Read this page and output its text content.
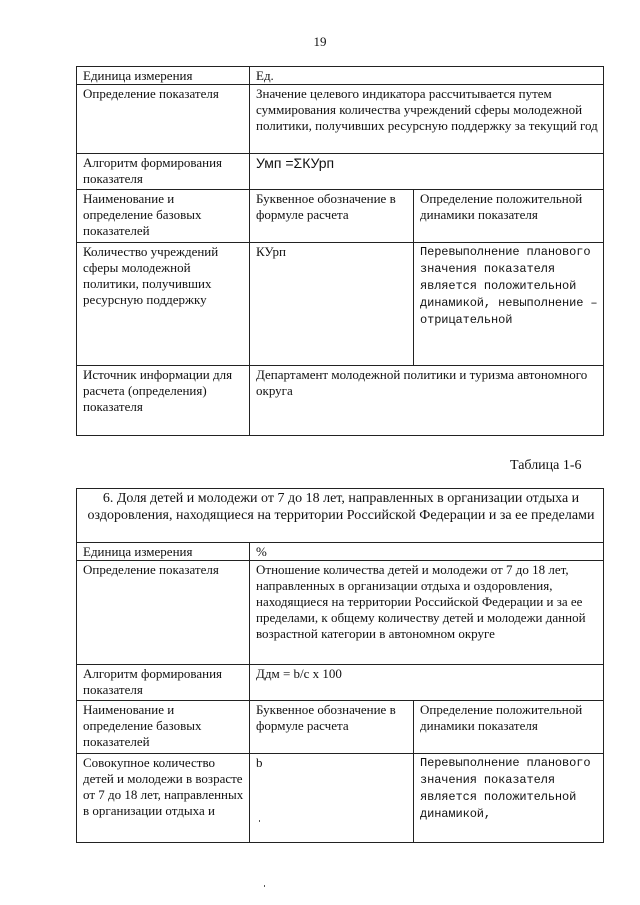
19
Единица измерения	Ед.	
Определение показателя	Значение целевого индикатора рассчитывается путем суммирования количества учреждений сферы молодежной политики, получивших ресурсную поддержку за текущий год	
Алгоритм формирования показателя	Умп =ΣКУрп	
Наименование и определение базовых показателей	Буквенное обозначение в формуле расчета	Определение положительной динамики показателя
Количество учреждений сферы молодежной политики, получивших ресурсную поддержку	КУрп	Перевыполнение планового значения показателя является положительной динамикой, невыполнение – отрицательной
Источник информации для расчета (определения) показателя	Департамент молодежной политики и туризма автономного округа	
Таблица 1-6
6. Доля детей и молодежи от 7 до 18 лет, направленных в организации отдыха и оздоровления, находящиеся на территории Российской Федерации и за ее пределами		
Единица измерения	%	
Определение показателя	Отношение количества детей и молодежи от 7 до 18 лет, направленных в организации отдыха и оздоровления, находящиеся на территории Российской Федерации и за ее пределами, к общему количеству детей и молодежи данной возрастной категории в автономном округе	
Алгоритм формирования показателя	Ддм = b/c x 100	
Наименование и определение базовых показателей	Буквенное обозначение в формуле расчета	Определение положительной динамики показателя
Совокупное количество детей и молодежи в возрасте от 7 до 18 лет, направленных в организации отдыха и	b	Перевыполнение планового значения показателя является положительной динамикой,
